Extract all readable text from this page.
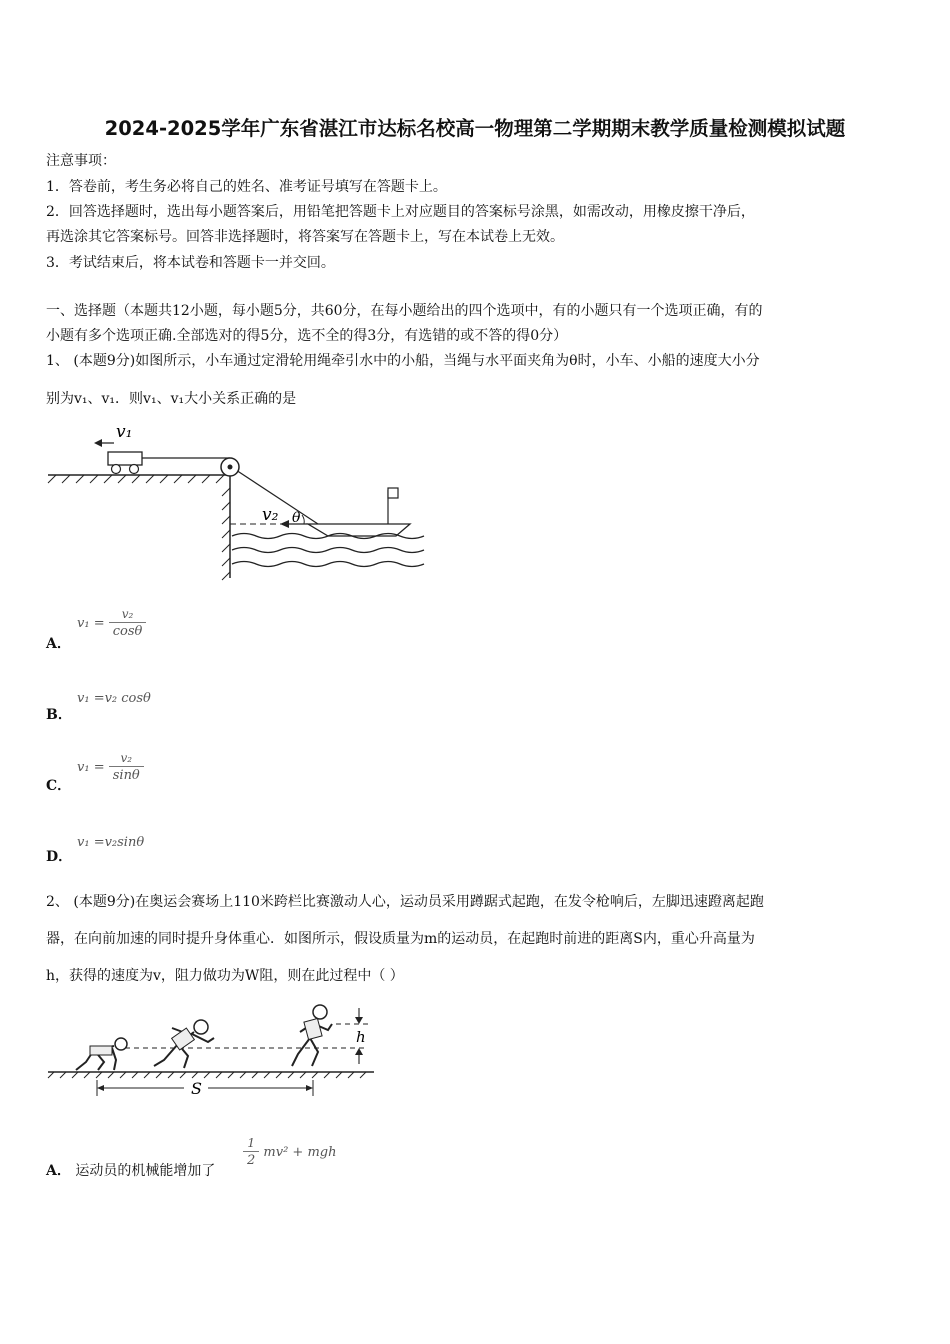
2024-2025学年广东省湛江市达标名校高一物理第二学期期末教学质量检测模拟试题
注意事项：
1．答卷前，考生务必将自己的姓名、准考证号填写在答题卡上。
2．回答选择题时，选出每小题答案后，用铅笔把答题卡上对应题目的答案标号涂黑，如需改动，用橡皮擦干净后，
再选涂其它答案标号。回答非选择题时，将答案写在答题卡上，写在本试卷上无效。
3．考试结束后，将本试卷和答题卡一并交回。
一、选择题（本题共12小题，每小题5分，共60分，在每小题给出的四个选项中，有的小题只有一个选项正确，有的
小题有多个选项正确.全部选对的得5分，选不全的得3分，有选错的或不答的得0分）
1、 (本题9分)如图所示，小车通过定滑轮用绳牵引水中的小船，当绳与水平面夹角为θ时，小车、小船的速度大小分
别为v₁、v₁．则v₁、v₁大小关系正确的是
v₁
v₂ θ
A．
$v_1 = \frac{\text{v₂}}{\cos\theta}$
B．
v₁ =v₂ cosθ
C．
$v_1 = \frac{\text{v₂}}{\sin\theta}$
D．
v₁ =v₂sinθ
2、 (本题9分)在奥运会赛场上110米跨栏比赛激动人心，运动员采用蹲踞式起跑，在发令枪响后，左脚迅速蹬离起跑
器，在向前加速的同时提升身体重心．如图所示，假设质量为m的运动员，在起跑时前进的距离S内，重心升高量为
h，获得的速度为v，阻力做功为W阻，则在此过程中（ ）
h
S
A． 运动员的机械能增加了
$\frac{1}{2} mv^2$ + mgh
